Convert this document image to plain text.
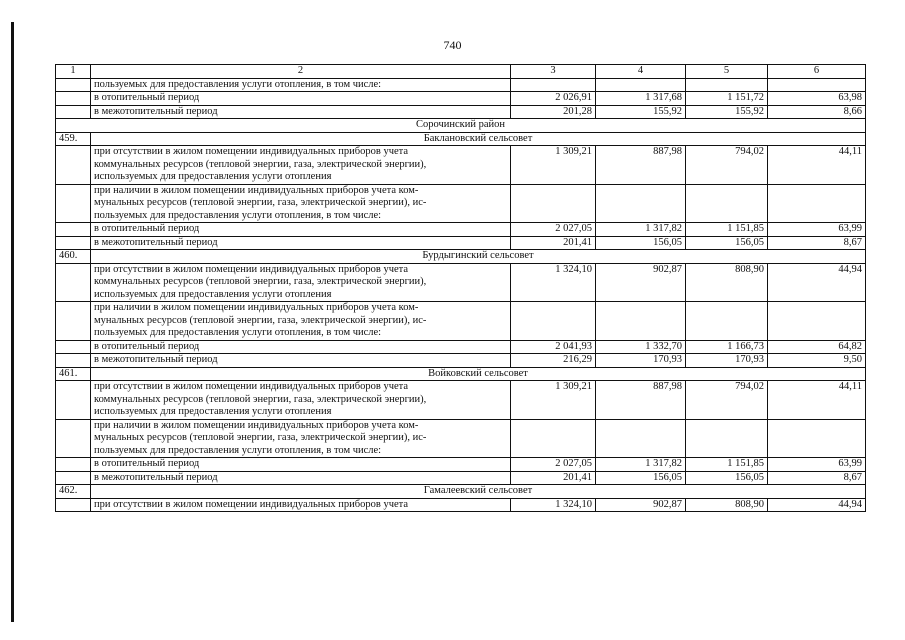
740
1	2	3	4	5	6
	пользуемых для предоставления услуги отопления, в том числе:				
	в отопительный период	2 026,91	1 317,68	1 151,72	63,98
	в межотопительный период	201,28	155,92	155,92	8,66
Сорочинский район					
459.	Баклановский сельсовет				
	при отсутствии в жилом помещении индивидуальных приборов учета
коммунальных ресурсов (тепловой энергии, газа, электрической энергии),
используемых для предоставления услуги отопления	1 309,21	887,98	794,02	44,11
	при наличии в жилом помещении индивидуальных приборов учета ком-
мунальных ресурсов (тепловой энергии, газа, электрической энергии), ис-
пользуемых для предоставления услуги отопления, в том числе:				
	в отопительный период	2 027,05	1 317,82	1 151,85	63,99
	в межотопительный период	201,41	156,05	156,05	8,67
460.	Бурдыгинский сельсовет				
	при отсутствии в жилом помещении индивидуальных приборов учета
коммунальных ресурсов (тепловой энергии, газа, электрической энергии),
используемых для предоставления услуги отопления	1 324,10	902,87	808,90	44,94
	при наличии в жилом помещении индивидуальных приборов учета ком-
мунальных ресурсов (тепловой энергии, газа, электрической энергии), ис-
пользуемых для предоставления услуги отопления, в том числе:				
	в отопительный период	2 041,93	1 332,70	1 166,73	64,82
	в межотопительный период	216,29	170,93	170,93	9,50
461.	Войковский сельсовет				
	при отсутствии в жилом помещении индивидуальных приборов учета
коммунальных ресурсов (тепловой энергии, газа, электрической энергии),
используемых для предоставления услуги отопления	1 309,21	887,98	794,02	44,11
	при наличии в жилом помещении индивидуальных приборов учета ком-
мунальных ресурсов (тепловой энергии, газа, электрической энергии), ис-
пользуемых для предоставления услуги отопления, в том числе:				
	в отопительный период	2 027,05	1 317,82	1 151,85	63,99
	в межотопительный период	201,41	156,05	156,05	8,67
462.	Гамалеевский сельсовет				
	при отсутствии в жилом помещении индивидуальных приборов учета	1 324,10	902,87	808,90	44,94
